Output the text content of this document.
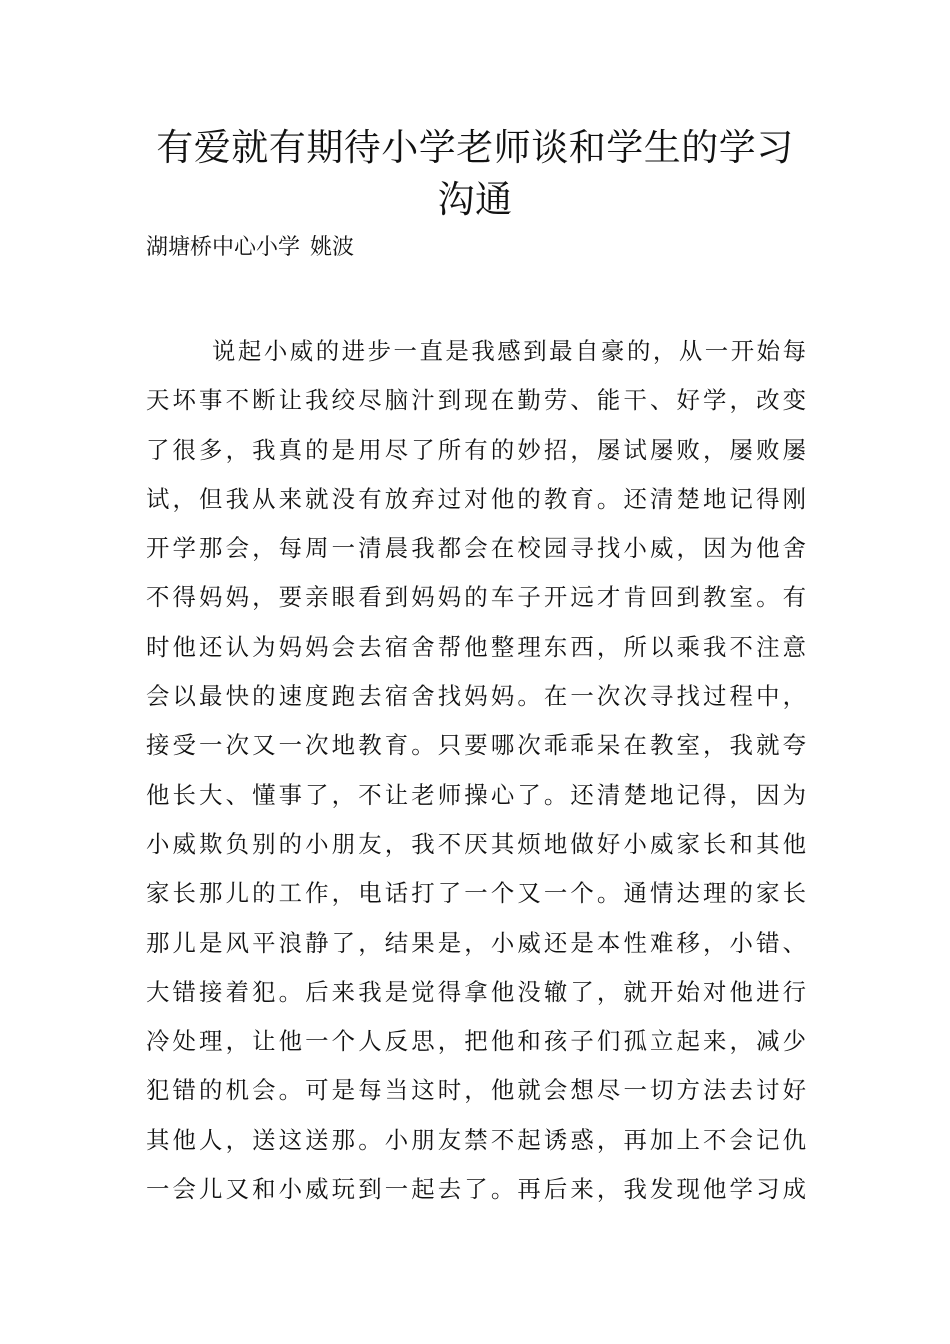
有爱就有期待小学老师谈和学生的学习
沟通
湖塘桥中心小学 姚波
说起小威的进步一直是我感到最自豪的，从一开始每
天坏事不断让我绞尽脑汁到现在勤劳、能干、好学，改变
了很多，我真的是用尽了所有的妙招，屡试屡败，屡败屡
试，但我从来就没有放弃过对他的教育。还清楚地记得刚
开学那会，每周一清晨我都会在校园寻找小威，因为他舍
不得妈妈，要亲眼看到妈妈的车子开远才肯回到教室。有
时他还认为妈妈会去宿舍帮他整理东西，所以乘我不注意
会以最快的速度跑去宿舍找妈妈。在一次次寻找过程中，
接受一次又一次地教育。只要哪次乖乖呆在教室，我就夸
他长大、懂事了，不让老师操心了。还清楚地记得，因为
小威欺负别的小朋友，我不厌其烦地做好小威家长和其他
家长那儿的工作，电话打了一个又一个。通情达理的家长
那儿是风平浪静了，结果是，小威还是本性难移，小错、
大错接着犯。后来我是觉得拿他没辙了，就开始对他进行
冷处理，让他一个人反思，把他和孩子们孤立起来，减少
犯错的机会。可是每当这时，他就会想尽一切方法去讨好
其他人，送这送那。小朋友禁不起诱惑，再加上不会记仇
一会儿又和小威玩到一起去了。再后来，我发现他学习成
